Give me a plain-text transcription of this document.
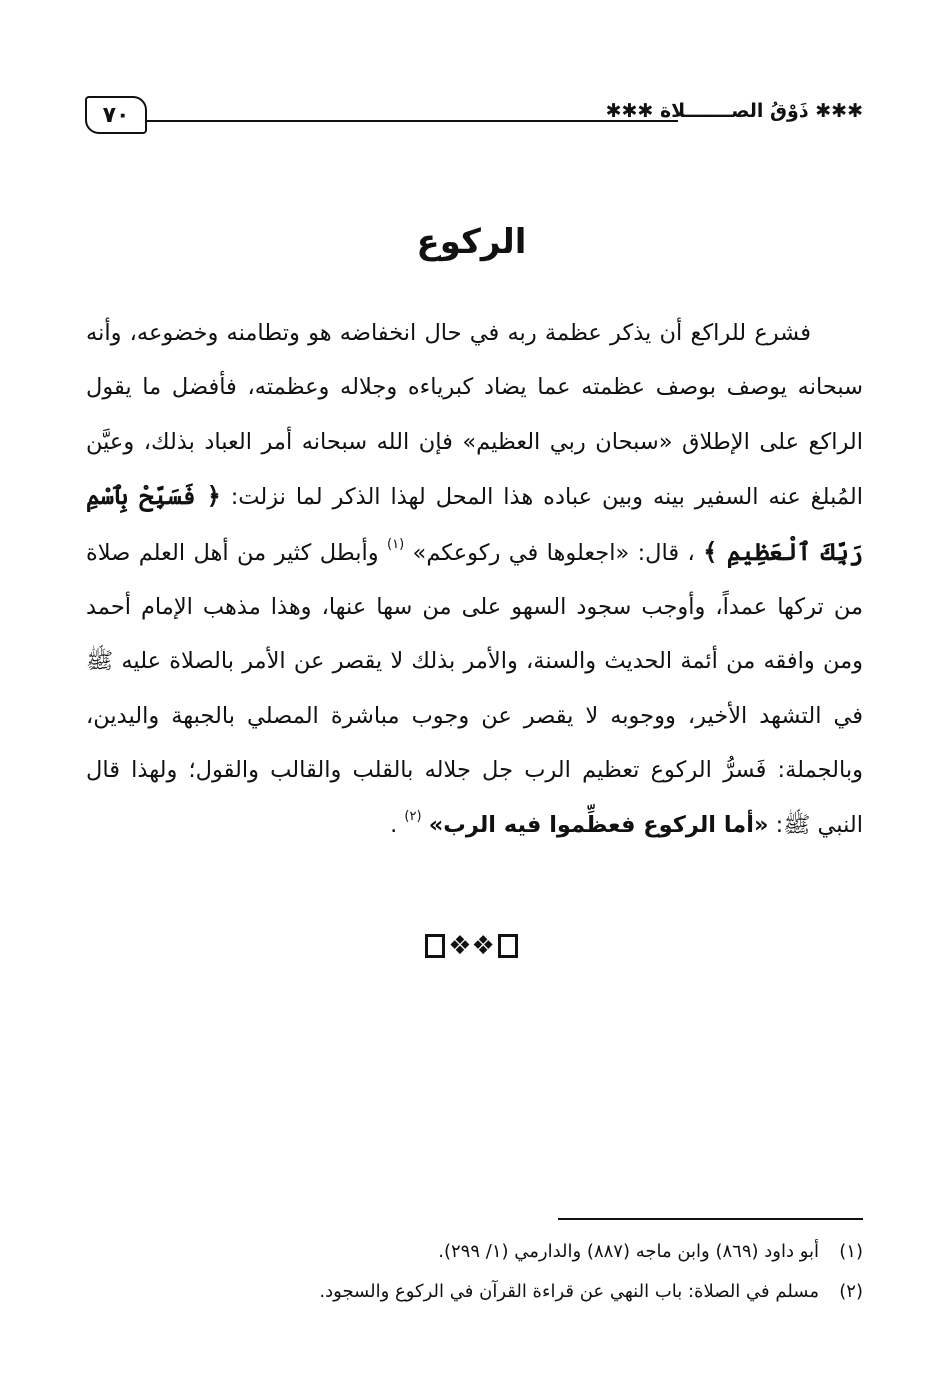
٧٠	✱✱✱ ذَوْقُ الصـــــــلاة ✱✱✱
الركوع

فشرع للراكع أن يذكر عظمة ربه في حال انخفاضه هو وتطامنه وخضوعه، وأنه سبحانه يوصف بوصف عظمته عما يضاد كبرياءه وجلاله وعظمته، فأفضل ما يقول الراكع على الإطلاق «سبحان ربي العظيم» فإن الله سبحانه أمر العباد بذلك، وعيَّن المُبلغ عنه السفير بينه وبين عباده هذا المحل لهذا الذكر لما نزلت: ﴿ فَسَبِّحْ بِٱسْمِ رَبِّكَ ٱلْعَظِيمِ ﴾ ، قال: «اجعلوها في ركوعكم» $^{(١)}$ وأبطل كثير من أهل العلم صلاة من تركها عمداً، وأوجب سجود السهو على من سها عنها، وهذا مذهب الإمام أحمد ومن وافقه من أئمة الحديث والسنة، والأمر بذلك لا يقصر عن الأمر بالصلاة عليه ﷺ في التشهد الأخير، ووجوبه لا يقصر عن وجوب مباشرة المصلي بالجبهة واليدين، وبالجملة: فَسرُّ الركوع تعظيم الرب جل جلاله بالقلب والقالب والقول؛ ولهذا قال النبي ﷺ: «أما الركوع فعظِّموا فيه الرب» $^{(٢)}$ .

❖❖
(١)
أبو داود (٨٦٩) وابن ماجه (٨٨٧) والدارمي (١/ ٢٩٩).
(٢)
مسلم في الصلاة: باب النهي عن قراءة القرآن في الركوع والسجود.
